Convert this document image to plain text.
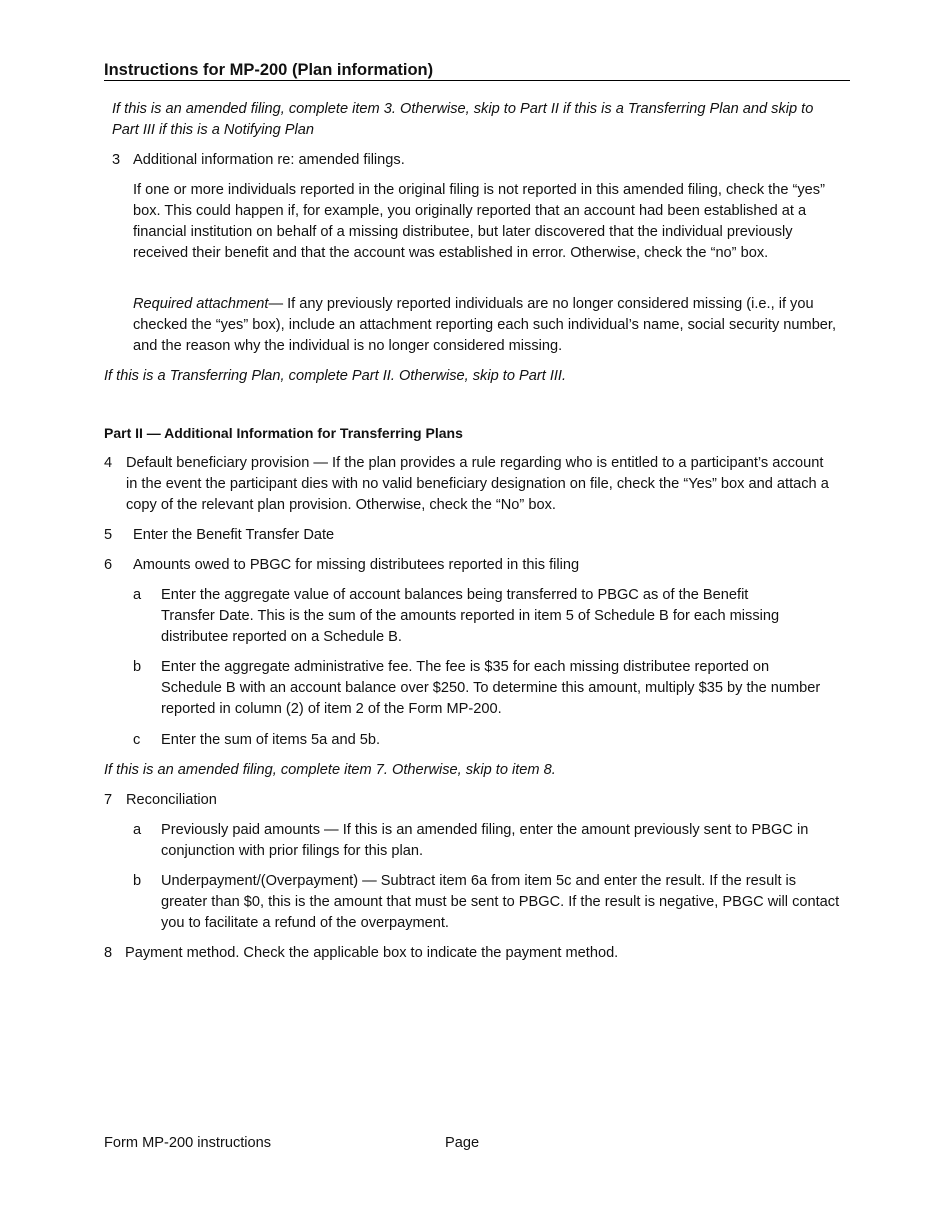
Instructions for MP-200 (Plan information)
If this is an amended filing, complete item 3. Otherwise, skip to Part II if this is a Transferring Plan and skip to Part III if this is a Notifying Plan
3 Additional information re: amended filings.
If one or more individuals reported in the original filing is not reported in this amended filing, check the “yes” box. This could happen if, for example, you originally reported that an account had been established at a financial institution on behalf of a missing distributee, but later discovered that the individual previously received their benefit and that the account was established in error. Otherwise, check the “no” box.
Required attachment— If any previously reported individuals are no longer considered missing (i.e., if you checked the “yes” box), include an attachment reporting each such individual’s name, social security number, and the reason why the individual is no longer considered missing.
If this is a Transferring Plan, complete Part II. Otherwise, skip to Part III.
Part II — Additional Information for Transferring Plans
4 Default beneficiary provision — If the plan provides a rule regarding who is entitled to a participant’s account in the event the participant dies with no valid beneficiary designation on file, check the “Yes” box and attach a copy of the relevant plan provision. Otherwise, check the “No” box.
5 Enter the Benefit Transfer Date
6 Amounts owed to PBGC for missing distributees reported in this filing
a Enter the aggregate value of account balances being transferred to PBGC as of the Benefit Transfer Date. This is the sum of the amounts reported in item 5 of Schedule B for each missing distributee reported on a Schedule B.
b Enter the aggregate administrative fee. The fee is $35 for each missing distributee reported on Schedule B with an account balance over $250. To determine this amount, multiply $35 by the number reported in column (2) of item 2 of the Form MP-200.
c Enter the sum of items 5a and 5b.
If this is an amended filing, complete item 7. Otherwise, skip to item 8.
7 Reconciliation
a Previously paid amounts — If this is an amended filing, enter the amount previously sent to PBGC in conjunction with prior filings for this plan.
b Underpayment/(Overpayment) — Subtract item 6a from item 5c and enter the result. If the result is greater than $0, this is the amount that must be sent to PBGC. If the result is negative, PBGC will contact you to facilitate a refund of the overpayment.
8 Payment method. Check the applicable box to indicate the payment method.
Form MP-200 instructions	Page
